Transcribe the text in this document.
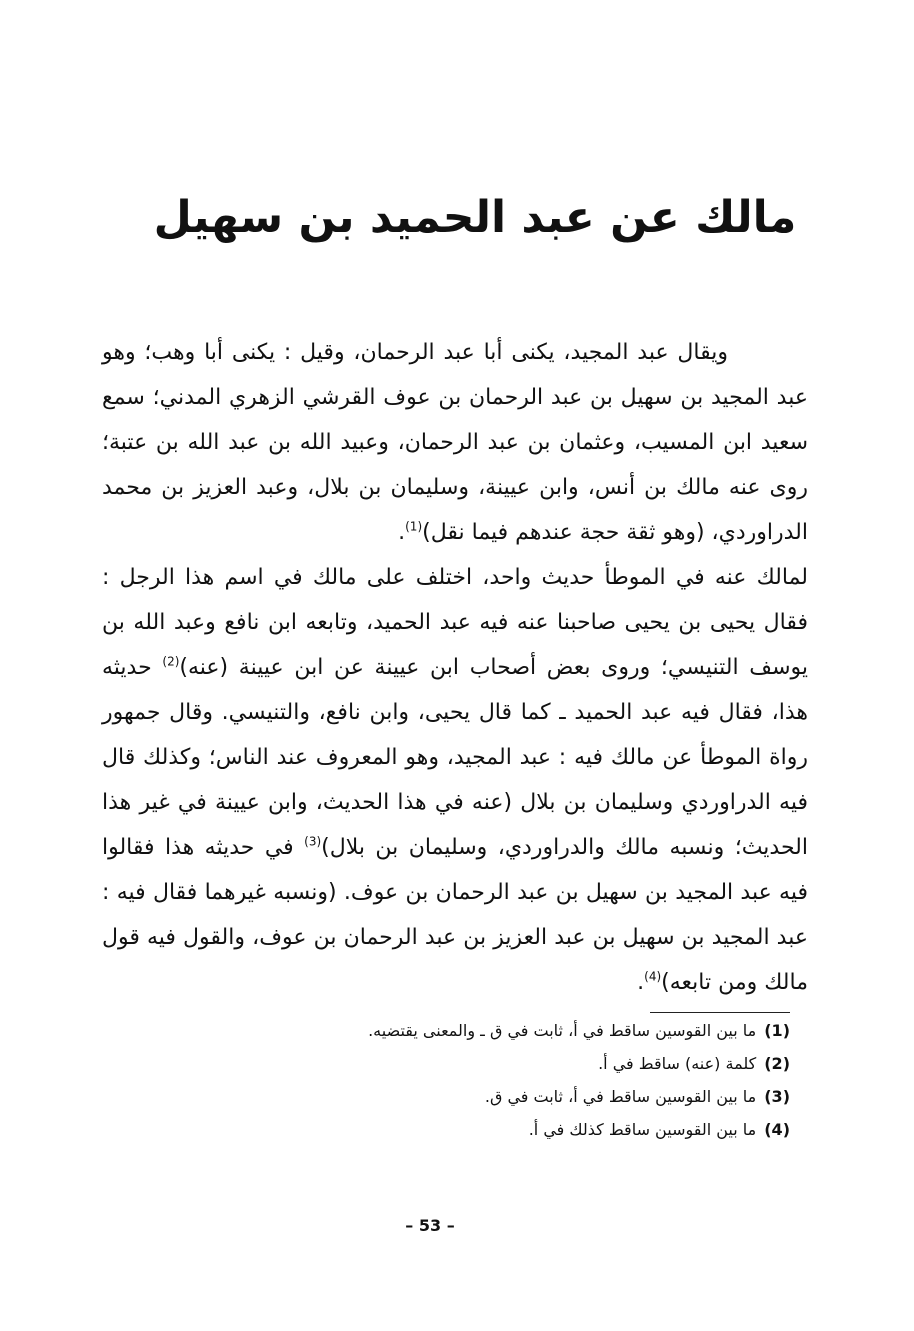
مالك عن عبد الحميد بن سهيل

ويقال عبد المجيد، يكنى أبا عبد الرحمان، وقيل : يكنى أبا وهب؛ وهو عبد المجيد بن سهيل بن عبد الرحمان بن عوف القرشي الزهري المدني؛ سمع سعيد ابن المسيب، وعثمان بن عبد الرحمان، وعبيد الله بن عبد الله بن عتبة؛ روى عنه مالك بن أنس، وابن عيينة، وسليمان بن بلال، وعبد العزيز بن محمد الدراوردي، (وهو ثقة حجة عندهم فيما نقل)$^{(1)}$.

لمالك عنه في الموطأ حديث واحد، اختلف على مالك في اسم هذا الرجل : فقال يحيى بن يحيى صاحبنا عنه فيه عبد الحميد، وتابعه ابن نافع وعبد الله بن يوسف التنيسي؛ وروى بعض أصحاب ابن عيينة عن ابن عيينة (عنه)$^{(2)}$ حديثه هذا، فقال فيه عبد الحميد ـ كما قال يحيى، وابن نافع، والتنيسي. وقال جمهور رواة الموطأ عن مالك فيه : عبد المجيد، وهو المعروف عند الناس؛ وكذلك قال فيه الدراوردي وسليمان بن بلال (عنه في هذا الحديث، وابن عيينة في غير هذا الحديث؛ ونسبه مالك والدراوردي، وسليمان بن بلال)$^{(3)}$ في حديثه هذا فقالوا فيه عبد المجيد بن سهيل بن عبد الرحمان بن عوف. (ونسبه غيرهما فقال فيه : عبد المجيد بن سهيل بن عبد العزيز بن عبد الرحمان بن عوف، والقول فيه قول مالك ومن تابعه)$^{(4)}$.

(1)ما بين القوسين ساقط في أ، ثابت في ق ـ والمعنى يقتضيه.
(2)كلمة (عنه) ساقط في أ.
(3)ما بين القوسين ساقط في أ، ثابت في ق.
(4)ما بين القوسين ساقط كذلك في أ.
– 53 –
